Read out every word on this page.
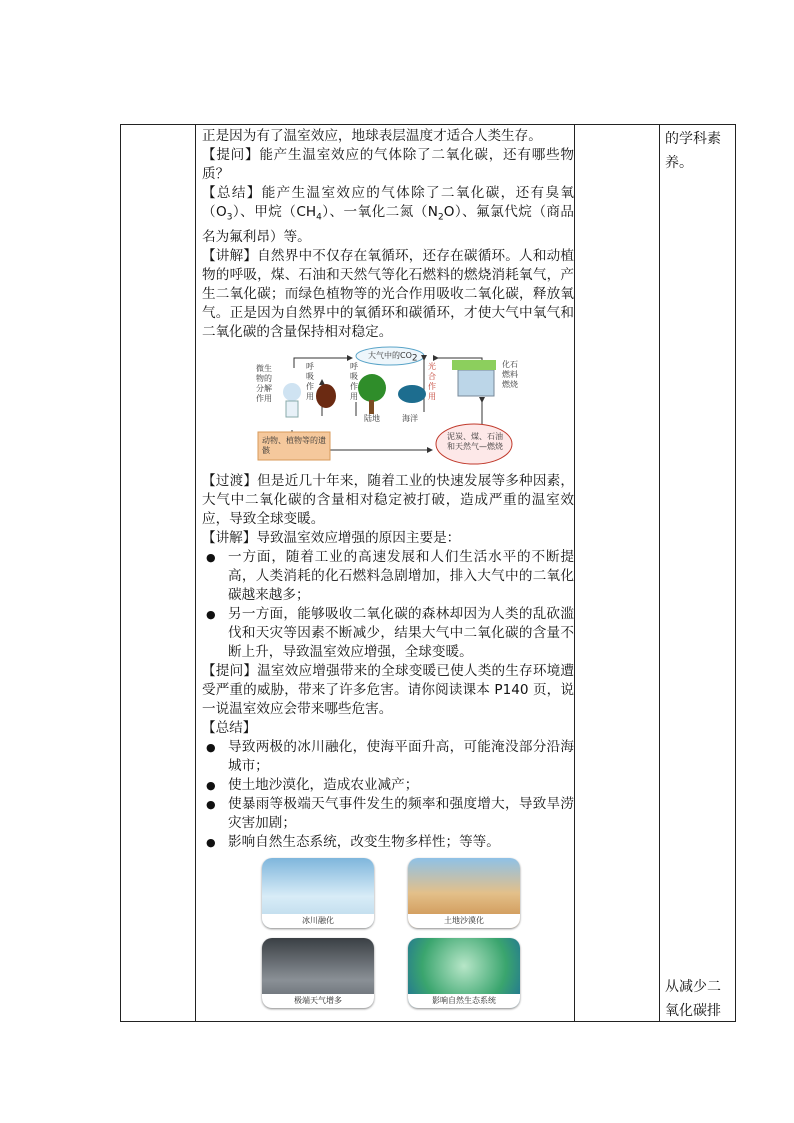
正是因为有了温室效应，地球表层温度才适合人类生存。

【提问】能产生温室效应的气体除了二氧化碳，还有哪些物质？

【总结】能产生温室效应的气体除了二氧化碳，还有臭氧$(O_3)$、甲烷$(CH_4)$、一氧化二氮$(N_2O)$、氟氯代烷（商品名为氟利昂）等。

【讲解】自然界中不仅存在氧循环，还存在碳循环。人和动植物的呼吸，煤、石油和天然气等化石燃料的燃烧消耗氧气，产生二氧化碳；而绿色植物等的光合作用吸收二氧化碳，释放氧气。正是因为自然界中的氧循环和碳循环，才使大气中氧气和二氧化碳的含量保持相对稳定。

大气中的$CO_2$
微生物的分解作用
呼吸作用
呼吸作用
光合作用
陆地	海洋
化石燃料燃烧
动物、植物等的遗骸
泥炭、煤、石油和天然气—燃烧

【过渡】但是近几十年来，随着工业的快速发展等多种因素，大气中二氧化碳的含量相对稳定被打破，造成严重的温室效应，导致全球变暖。

【讲解】导致温室效应增强的原因主要是：

● 一方面，随着工业的高速发展和人们生活水平的不断提高，人类消耗的化石燃料急剧增加，排入大气中的二氧化碳越来越多；
● 另一方面，能够吸收二氧化碳的森林却因为人类的乱砍滥伐和天灾等因素不断减少，结果大气中二氧化碳的含量不断上升，导致温室效应增强，全球变暖。

【提问】温室效应增强带来的全球变暖已使人类的生存环境遭受严重的威胁，带来了许多危害。请你阅读课本 P140 页，说一说温室效应会带来哪些危害。

【总结】

● 导致两极的冰川融化，使海平面升高，可能淹没部分沿海城市；
● 使土地沙漠化，造成农业减产；
● 使暴雨等极端天气事件发生的频率和强度增大，导致旱涝灾害加剧；
● 影响自然生态系统，改变生物多样性；等等。
冰川融化	土地沙漠化
极端天气增多	影响自然生态系统
的学科素养。
从减少二氧化碳排
